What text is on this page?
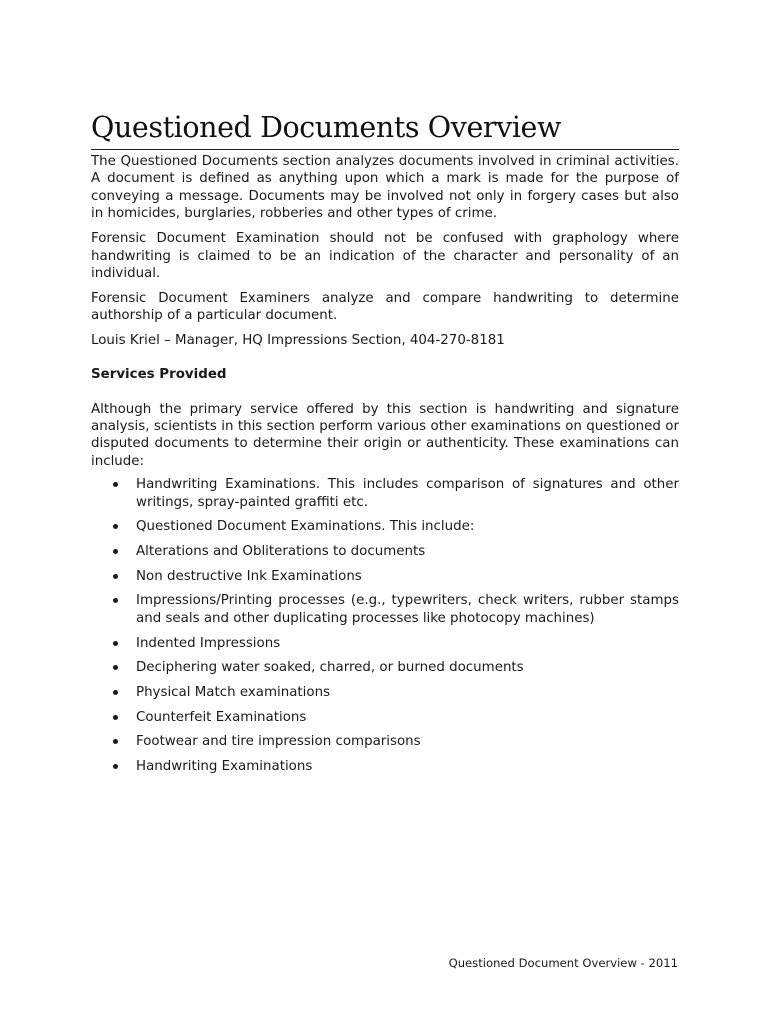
Questioned Documents Overview

The Questioned Documents section analyzes documents involved in criminal activities. A document is defined as anything upon which a mark is made for the purpose of conveying a message. Documents may be involved not only in forgery cases but also in homicides, burglaries, robberies and other types of crime.

Forensic Document Examination should not be confused with graphology where handwriting is claimed to be an indication of the character and personality of an individual.

Forensic Document Examiners analyze and compare handwriting to determine authorship of a particular document.

Louis Kriel – Manager, HQ Impressions Section, 404-270-8181

Services Provided

Although the primary service offered by this section is handwriting and signature analysis, scientists in this section perform various other examinations on questioned or disputed documents to determine their origin or authenticity. These examinations can include:

Handwriting Examinations. This includes comparison of signatures and other writings, spray-painted graffiti etc.
Questioned Document Examinations. This include:
Alterations and Obliterations to documents
Non destructive Ink Examinations
Impressions/Printing processes (e.g., typewriters, check writers, rubber stamps and seals and other duplicating processes like photocopy machines)
Indented Impressions
Deciphering water soaked, charred, or burned documents
Physical Match examinations
Counterfeit Examinations
Footwear and tire impression comparisons
Handwriting Examinations
Questioned Document Overview - 2011
